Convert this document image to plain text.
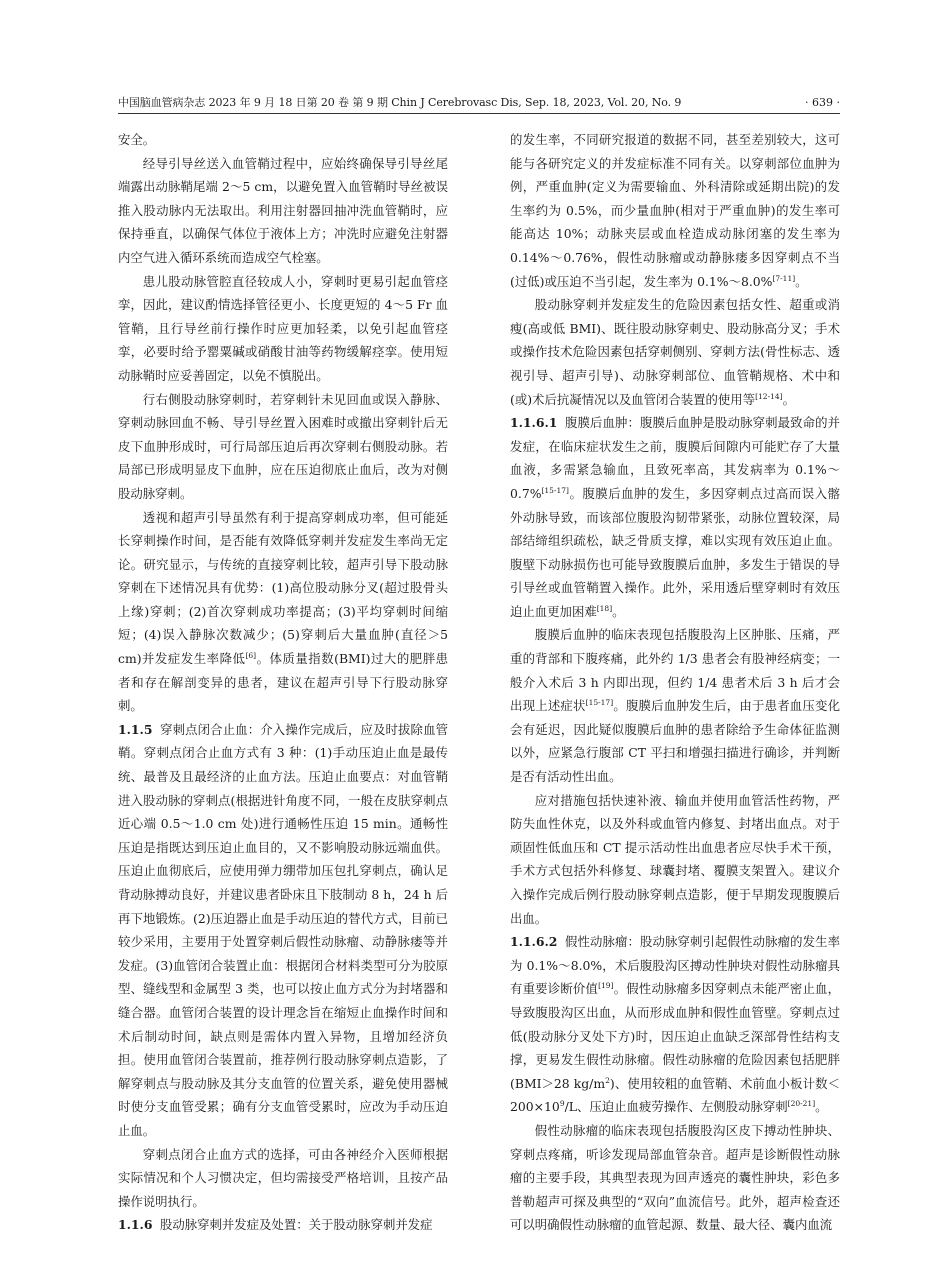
中国脑血管病杂志 2023 年 9 月 18 日第 20 卷 第 9 期 Chin J Cerebrovasc Dis, Sep. 18, 2023, Vol. 20, No. 9	· 639 ·

安全。

经导引导丝送入血管鞘过程中，应始终确保导引导丝尾端露出动脉鞘尾端 2～5 cm，以避免置入血管鞘时导丝被误推入股动脉内无法取出。利用注射器回抽冲洗血管鞘时，应保持垂直，以确保气体位于液体上方；冲洗时应避免注射器内空气进入循环系统而造成空气栓塞。

患儿股动脉管腔直径较成人小，穿刺时更易引起血管痉挛，因此，建议酌情选择管径更小、长度更短的 4～5 Fr 血管鞘，且行导丝前行操作时应更加轻柔，以免引起血管痉挛，必要时给予罂粟碱或硝酸甘油等药物缓解痉挛。使用短动脉鞘时应妥善固定，以免不慎脱出。

行右侧股动脉穿刺时，若穿刺针未见回血或误入静脉、穿刺动脉回血不畅、导引导丝置入困难时或撤出穿刺针后无皮下血肿形成时，可行局部压迫后再次穿刺右侧股动脉。若局部已形成明显皮下血肿，应在压迫彻底止血后，改为对侧股动脉穿刺。

透视和超声引导虽然有利于提高穿刺成功率，但可能延长穿刺操作时间，是否能有效降低穿刺并发症发生率尚无定论。研究显示，与传统的直接穿刺比较，超声引导下股动脉穿刺在下述情况具有优势：(1)高位股动脉分叉(超过股骨头上缘)穿刺；(2)首次穿刺成功率提高；(3)平均穿刺时间缩短；(4)误入静脉次数减少；(5)穿刺后大量血肿(直径＞5 cm)并发症发生率降低[6]。体质量指数(BMI)过大的肥胖患者和存在解剖变异的患者，建议在超声引导下行股动脉穿刺。

1.1.5 穿刺点闭合止血：介入操作完成后，应及时拔除血管鞘。穿刺点闭合止血方式有 3 种：(1)手动压迫止血是最传统、最普及且最经济的止血方法。压迫止血要点：对血管鞘进入股动脉的穿刺点(根据进针角度不同，一般在皮肤穿刺点近心端 0.5～1.0 cm 处)进行通畅性压迫 15 min。通畅性压迫是指既达到压迫止血目的，又不影响股动脉远端血供。压迫止血彻底后，应使用弹力绷带加压包扎穿刺点，确认足背动脉搏动良好，并建议患者卧床且下肢制动 8 h，24 h 后再下地锻炼。(2)压迫器止血是手动压迫的替代方式，目前已较少采用，主要用于处置穿刺后假性动脉瘤、动静脉瘘等并发症。(3)血管闭合装置止血：根据闭合材料类型可分为胶原型、缝线型和金属型 3 类，也可以按止血方式分为封堵器和缝合器。血管闭合装置的设计理念旨在缩短止血操作时间和术后制动时间，缺点则是需体内置入异物，且增加经济负担。使用血管闭合装置前，推荐例行股动脉穿刺点造影，了解穿刺点与股动脉及其分支血管的位置关系，避免使用器械时使分支血管受累；确有分支血管受累时，应改为手动压迫止血。

穿刺点闭合止血方式的选择，可由各神经介入医师根据实际情况和个人习惯决定，但均需接受严格培训，且按产品操作说明执行。

1.1.6 股动脉穿刺并发症及处置：关于股动脉穿刺并发症

的发生率，不同研究报道的数据不同，甚至差别较大，这可能与各研究定义的并发症标准不同有关。以穿刺部位血肿为例，严重血肿(定义为需要输血、外科清除或延期出院)的发生率约为 0.5%，而少量血肿(相对于严重血肿)的发生率可能高达 10%；动脉夹层或血栓造成动脉闭塞的发生率为 0.14%～0.76%，假性动脉瘤或动静脉瘘多因穿刺点不当(过低)或压迫不当引起，发生率为 0.1%～8.0%[7-11]。

股动脉穿刺并发症发生的危险因素包括女性、超重或消瘦(高或低 BMI)、既往股动脉穿刺史、股动脉高分叉；手术或操作技术危险因素包括穿刺侧别、穿刺方法(骨性标志、透视引导、超声引导)、动脉穿刺部位、血管鞘规格、术中和(或)术后抗凝情况以及血管闭合装置的使用等[12-14]。

1.1.6.1 腹膜后血肿：腹膜后血肿是股动脉穿刺最致命的并发症，在临床症状发生之前，腹膜后间隙内可能贮存了大量血液，多需紧急输血，且致死率高，其发病率为 0.1%～0.7%[15-17]。腹膜后血肿的发生，多因穿刺点过高而误入髂外动脉导致，而该部位腹股沟韧带紧张，动脉位置较深，局部结缔组织疏松，缺乏骨质支撑，难以实现有效压迫止血。腹壁下动脉损伤也可能导致腹膜后血肿，多发生于错误的导引导丝或血管鞘置入操作。此外，采用透后壁穿刺时有效压迫止血更加困难[18]。

腹膜后血肿的临床表现包括腹股沟上区肿胀、压痛，严重的背部和下腹疼痛，此外约 1/3 患者会有股神经病变；一般介入术后 3 h 内即出现，但约 1/4 患者术后 3 h 后才会出现上述症状[15-17]。腹膜后血肿发生后，由于患者血压变化会有延迟，因此疑似腹膜后血肿的患者除给予生命体征监测以外，应紧急行腹部 CT 平扫和增强扫描进行确诊，并判断是否有活动性出血。

应对措施包括快速补液、输血并使用血管活性药物，严防失血性休克，以及外科或血管内修复、封堵出血点。对于顽固性低血压和 CT 提示活动性出血患者应尽快手术干预，手术方式包括外科修复、球囊封堵、覆膜支架置入。建议介入操作完成后例行股动脉穿刺点造影，便于早期发现腹膜后出血。

1.1.6.2 假性动脉瘤：股动脉穿刺引起假性动脉瘤的发生率为 0.1%～8.0%，术后腹股沟区搏动性肿块对假性动脉瘤具有重要诊断价值[19]。假性动脉瘤多因穿刺点未能严密止血，导致腹股沟区出血，从而形成血肿和假性血管壁。穿刺点过低(股动脉分叉处下方)时，因压迫止血缺乏深部骨性结构支撑，更易发生假性动脉瘤。假性动脉瘤的危险因素包括肥胖(BMI＞28 $kg/m^2$)、使用较粗的血管鞘、术前血小板计数$<200\times 10^9/L$、压迫止血疲劳操作、左侧股动脉穿刺[20-21]。

假性动脉瘤的临床表现包括腹股沟区皮下搏动性肿块、穿刺点疼痛，听诊发现局部血管杂音。超声是诊断假性动脉瘤的主要手段，其典型表现为回声透亮的囊性肿块，彩色多普勒超声可探及典型的“双向”血流信号。此外，超声检查还可以明确假性动脉瘤的血管起源、数量、最大径、囊内血流
